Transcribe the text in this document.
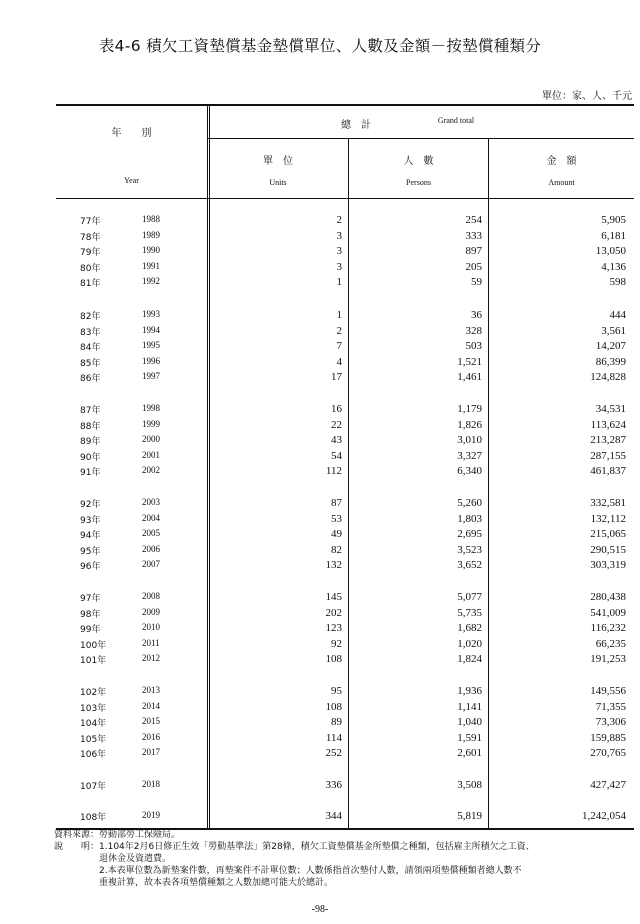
表4-6 積欠工資墊償基金墊償單位、人數及金額－按墊償種類分
單位：家、人、千元
年　　別
Year
總　計	Grand total
單　位
Units
人　數
Persons
金　額
Amount
77年	1988	2	254	5,905
78年	1989	3	333	6,181
79年	1990	3	897	13,050
80年	1991	3	205	4,136
81年	1992	1	59	598
82年	1993	1	36	444
83年	1994	2	328	3,561
84年	1995	7	503	14,207
85年	1996	4	1,521	86,399
86年	1997	17	1,461	124,828
87年	1998	16	1,179	34,531
88年	1999	22	1,826	113,624
89年	2000	43	3,010	213,287
90年	2001	54	3,327	287,155
91年	2002	112	6,340	461,837
92年	2003	87	5,260	332,581
93年	2004	53	1,803	132,112
94年	2005	49	2,695	215,065
95年	2006	82	3,523	290,515
96年	2007	132	3,652	303,319
97年	2008	145	5,077	280,438
98年	2009	202	5,735	541,009
99年	2010	123	1,682	116,232
100年	2011	92	1,020	66,235
101年	2012	108	1,824	191,253
102年	2013	95	1,936	149,556
103年	2014	108	1,141	71,355
104年	2015	89	1,040	73,306
105年	2016	114	1,591	159,885
106年	2017	252	2,601	270,765
107年	2018	336	3,508	427,427
108年	2019	344	5,819	1,242,054
資料來源：勞動部勞工保險局。
說　　明：1.104年2月6日修正生效「勞動基準法」第28條，積欠工資墊償基金所墊償之種類，包括雇主所積欠之工資、
　　　　　退休金及資遣費。
　　　　　2.本表單位數為新墊案件數，再墊案件不計單位數；人數係指首次墊付人數，請領兩項墊償種類者總人數不
　　　　　重複計算，故本表各項墊償種類之人數加總可能大於總計。
-98-
